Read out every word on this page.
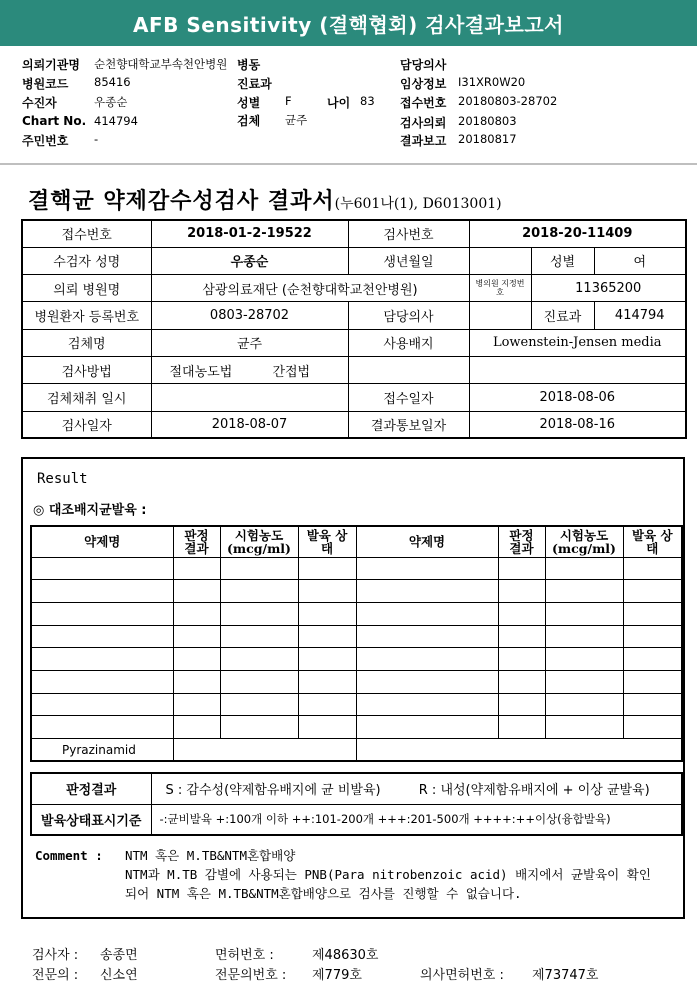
AFB Sensitivity (결핵협회) 검사결과보고서
의뢰기관명 순천향대학교부속천안병원 병동	담당의사
병원코드 85416	진료과	임상정보 I31XR0W20
수진자	우종순	성별 F	나이 83 접수번호 20180803-28702
Chart No. 414794	검체 균주	검사의뢰 20180803
주민번호 -	결과보고 20180817
결핵균 약제감수성검사 결과서(누601나(1), D6013001)
접수번호	2018-01-2-19522	검사번호	2018-20-11409		
수검자 성명	우종순	생년월일		성별	여
의뢰 병원명	삼광의료재단 (순천향대학교천안병원)		병의원 지정번호	11365200	
병원환자 등록번호	0803-28702	담당의사		진료과	414794
검체명	균주	사용배지	Lowenstein-Jensen media		
검사방법	절대농도법 간접법				
검체채취 일시		접수일자	2018-08-06		
검사일자	2018-08-07	결과통보일자	2018-08-16		
Result
◎ 대조배지균발육 :
약제명	판정 결과	시험농도 (mcg/ml)	발육 상태	약제명	판정 결과	시험농도 (mcg/ml)	발육 상태

Pyrazinamid							
판정결과	S : 감수성(약제함유배지에 균 비발육) R : 내성(약제함유배지에 + 이상 균발육)
발육상태표시기준	-:균비발육 +:100개 이하 ++:101-200개 +++:201-500개 ++++:++이상(융합발육)
Comment : NTM 혹은 M.TB&NTM혼합배양
NTM과 M.TB 감별에 사용되는 PNB(Para nitrobenzoic acid) 배지에서 균발육이 확인
되어 NTM 혹은 M.TB&NTM혼합배양으로 검사를 진행할 수 없습니다.
검사자 : 송종면	면허번호 :	제48630호
전문의 : 신소연	전문의번호 : 제779호	의사면허번호 : 제73747호
